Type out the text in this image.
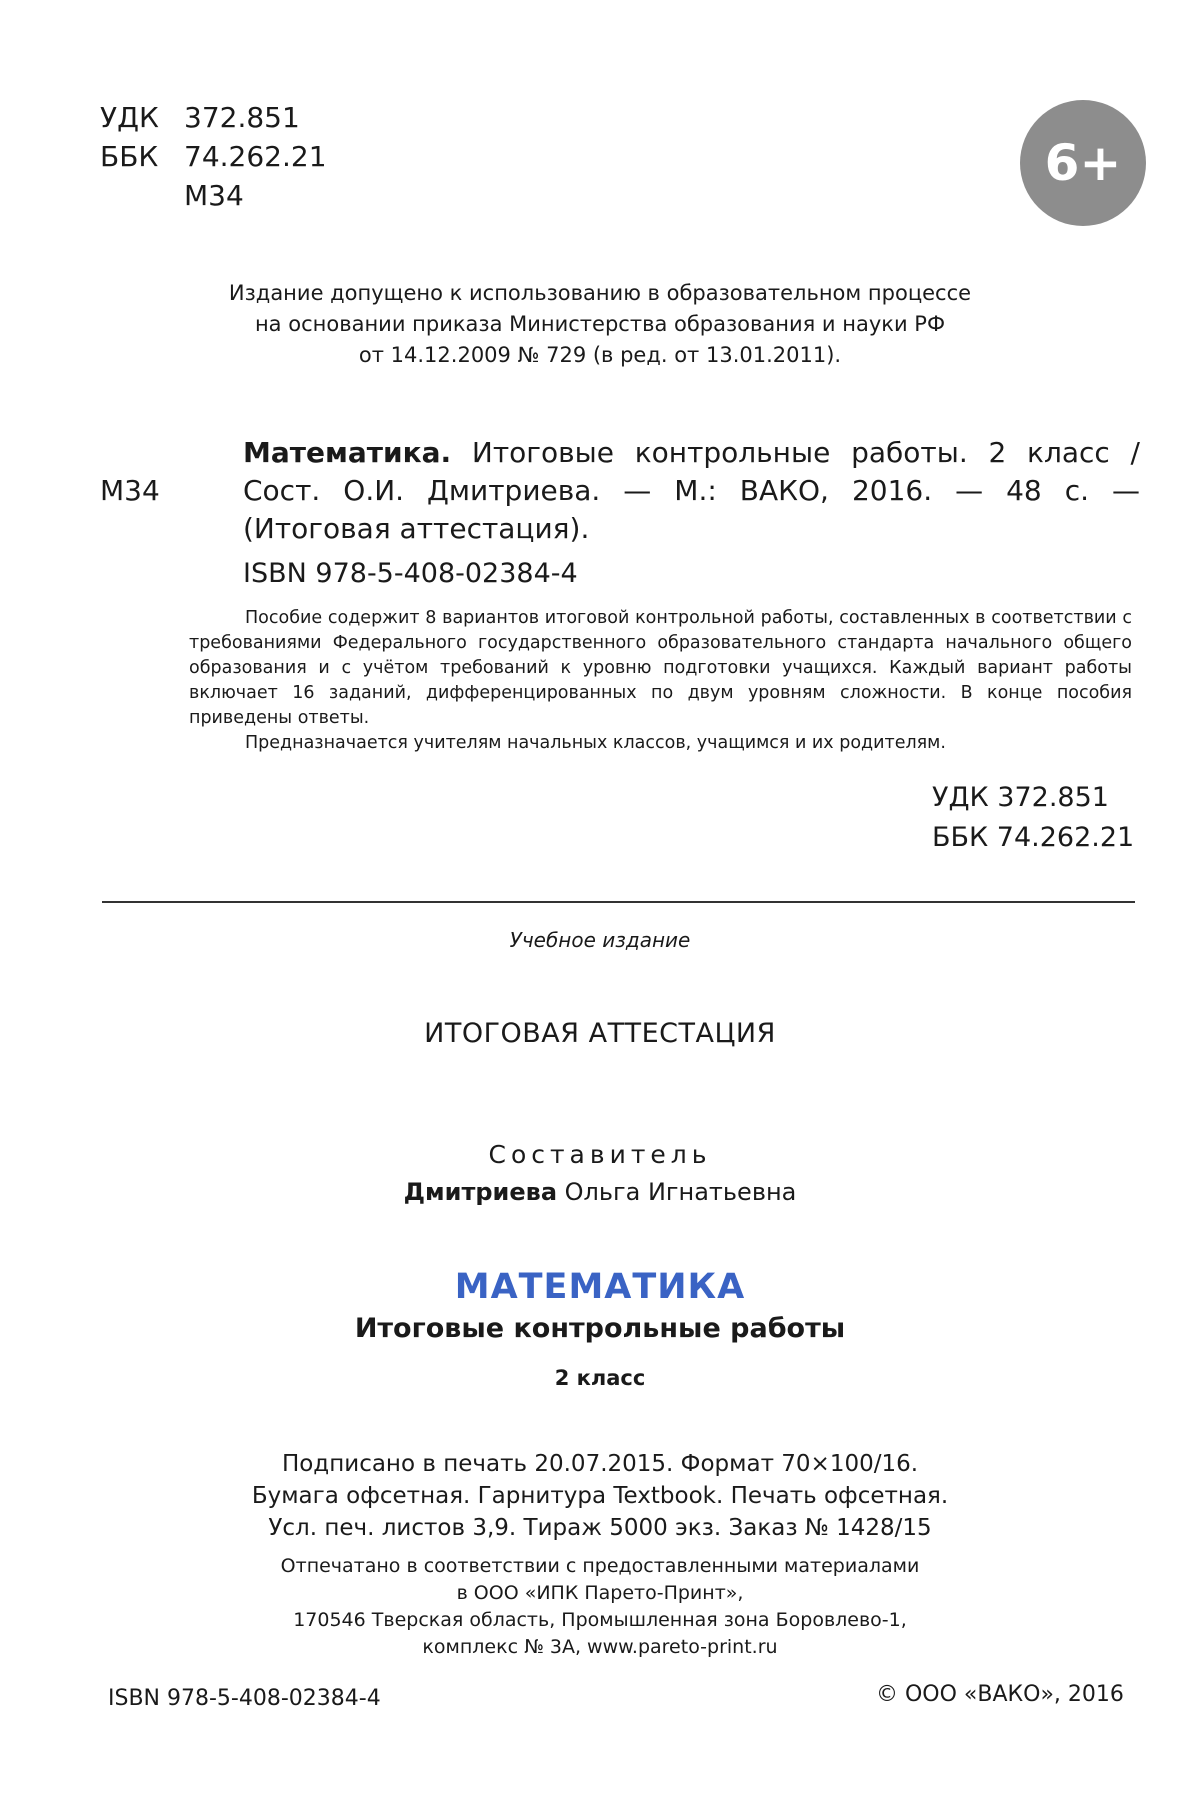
УДК 372.851
ББК 74.262.21
М34
6+
Издание допущено к использованию в образовательном процессе
на основании приказа Министерства образования и науки РФ
от 14.12.2009 № 729 (в ред. от 13.01.2011).
Математика. Итоговые контрольные работы. 2 класс /
М34	Сост. О.И. Дмитриева. — М.: ВАКО, 2016. — 48 с. —
(Итоговая аттестация).
ISBN 978-5-408-02384-4

Пособие содержит 8 вариантов итоговой контрольной работы, составленных в соответствии с требованиями Федерального государственного образовательного стандарта начального общего образования и с учётом требований к уровню подготовки учащихся. Каждый вариант работы включает 16 заданий, дифференцированных по двум уровням сложности. В конце пособия приведены ответы.

Предназначается учителям начальных классов, учащимся и их родителям.

УДК 372.851
ББК 74.262.21
Учебное издание
ИТОГОВАЯ АТТЕСТАЦИЯ
Составитель
Дмитриева Ольга Игнатьевна
МАТЕМАТИКА
Итоговые контрольные работы
2 класс
Подписано в печать 20.07.2015. Формат 70×100/16.
Бумага офсетная. Гарнитура Textbook. Печать офсетная.
Усл. печ. листов 3,9. Тираж 5000 экз. Заказ № 1428/15
Отпечатано в соответствии с предоставленными материалами
в ООО «ИПК Парето-Принт»,
170546 Тверская область, Промышленная зона Боровлево-1,
комплекс № 3А, www.pareto-print.ru
ISBN 978-5-408-02384-4	© ООО «ВАКО», 2016
